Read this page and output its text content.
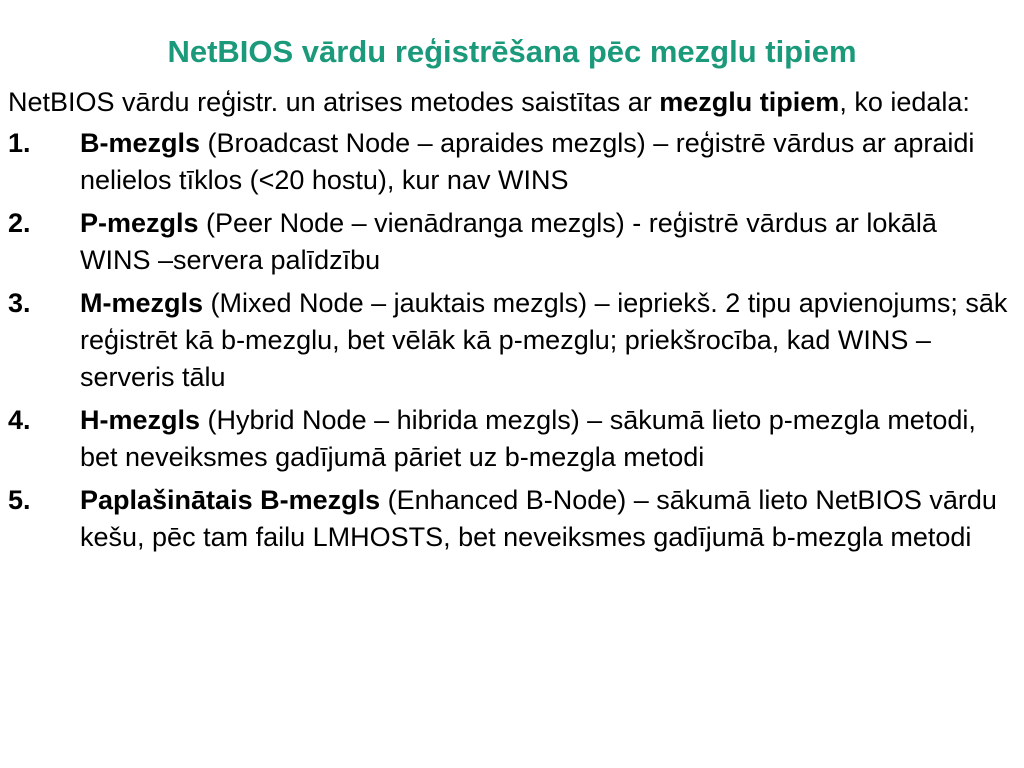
NetBIOS vārdu reģistrēšana pēc mezglu tipiem

NetBIOS vārdu reģistr. un atrises metodes saistītas ar mezglu tipiem, ko iedala:

1. B-mezgls (Broadcast Node – apraides mezgls) – reģistrē vārdus ar apraidi nelielos tīklos (<20 hostu), kur nav WINS
2. P-mezgls (Peer Node – vienādranga mezgls) - reģistrē vārdus ar lokālā WINS –servera palīdzību
3. M-mezgls (Mixed Node – jauktais mezgls) – iepriekš. 2 tipu apvienojums; sāk reģistrēt kā b-mezglu, bet vēlāk kā p-mezglu; priekšrocība, kad WINS –serveris tālu
4. H-mezgls (Hybrid Node – hibrida mezgls) – sākumā lieto p-mezgla metodi, bet neveiksmes gadījumā pāriet uz b-mezgla metodi
5. Paplašinātais B-mezgls (Enhanced B-Node) – sākumā lieto NetBIOS vārdu kešu, pēc tam failu LMHOSTS, bet neveiksmes gadījumā b-mezgla metodi
